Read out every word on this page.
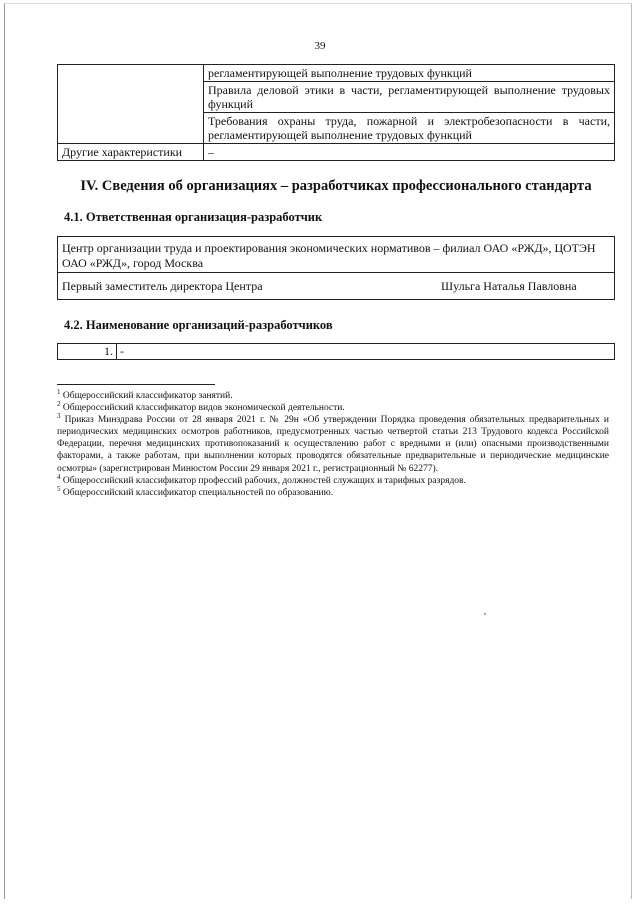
39
	регламентирующей выполнение трудовых функций
	Правила деловой этики в части, регламентирующей выполнение трудовых функций
	Требования охраны труда, пожарной и электробезопасности в части, регламентирующей выполнение трудовых функций
Другие характеристики	–
IV. Сведения об организациях – разработчиках профессионального стандарта
4.1. Ответственная организация-разработчик
Центр организации труда и проектирования экономических нормативов – филиал ОАО «РЖД», ЦОТЭН ОАО «РЖД», город Москва
Первый заместитель директора Центра	Шульга Наталья Павловна
4.2. Наименование организаций-разработчиков
1.	-

$^1$ Общероссийский классификатор занятий.

$^2$ Общероссийский классификатор видов экономической деятельности.

$^3$ Приказ Минздрава России от 28 января 2021 г. № 29н «Об утверждении Порядка проведения обязательных предварительных и периодических медицинских осмотров работников, предусмотренных частью четвертой статьи 213 Трудового кодекса Российской Федерации, перечня медицинских противопоказаний к осуществлению работ с вредными и (или) опасными производственными факторами, а также работам, при выполнении которых проводятся обязательные предварительные и периодические медицинские осмотры» (зарегистрирован Минюстом России 29 января 2021 г., регистрационный № 62277).

$^4$ Общероссийский классификатор профессий рабочих, должностей служащих и тарифных разрядов.

$^5$ Общероссийский классификатор специальностей по образованию.
